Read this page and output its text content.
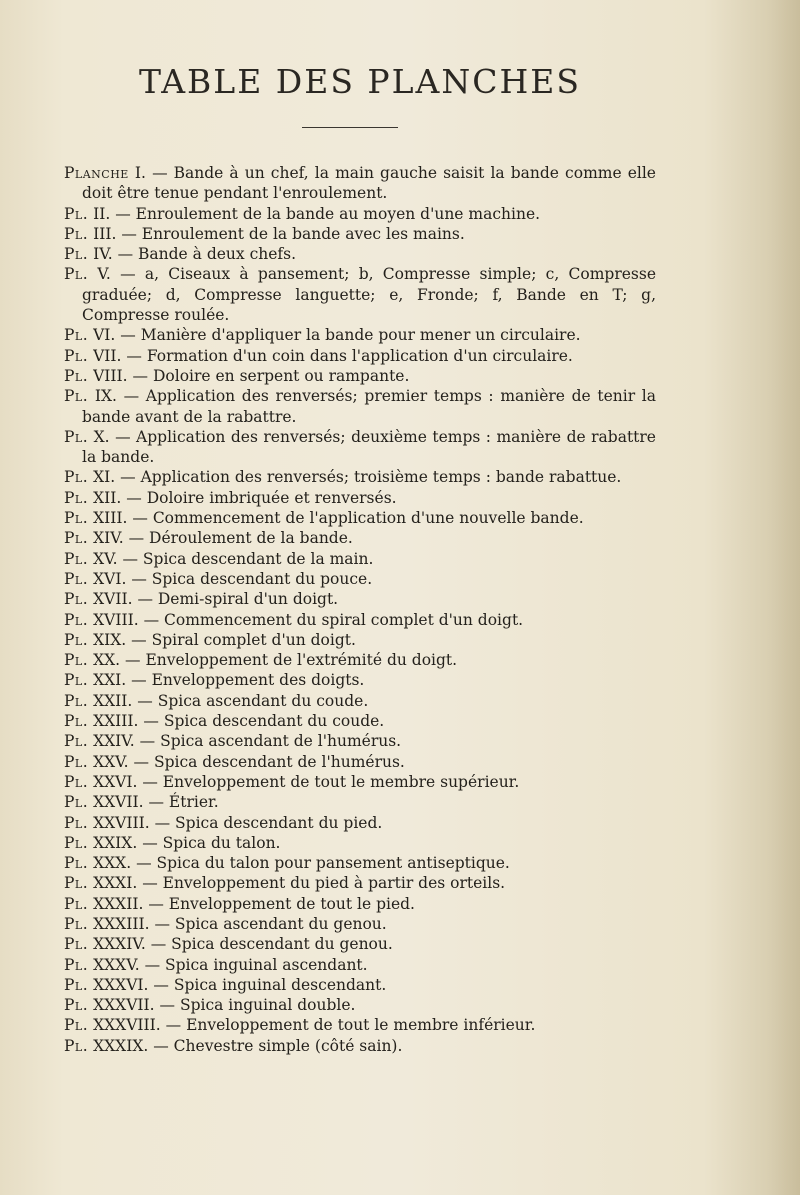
TABLE DES PLANCHES
Planche I. — Bande à un chef, la main gauche saisit la bande comme elle doit être tenue pendant l'enroulement.
Pl. II. — Enroulement de la bande au moyen d'une machine.
Pl. III. — Enroulement de la bande avec les mains.
Pl. IV. — Bande à deux chefs.
Pl. V. — a, Ciseaux à pansement; b, Compresse simple; c, Compresse graduée; d, Compresse languette; e, Fronde; f, Bande en T; g, Compresse roulée.
Pl. VI. — Manière d'appliquer la bande pour mener un circulaire.
Pl. VII. — Formation d'un coin dans l'application d'un circulaire.
Pl. VIII. — Doloire en serpent ou rampante.
Pl. IX. — Application des renversés; premier temps : manière de tenir la bande avant de la rabattre.
Pl. X. — Application des renversés; deuxième temps : manière de rabattre la bande.
Pl. XI. — Application des renversés; troisième temps : bande rabattue.
Pl. XII. — Doloire imbriquée et renversés.
Pl. XIII. — Commencement de l'application d'une nouvelle bande.
Pl. XIV. — Déroulement de la bande.
Pl. XV. — Spica descendant de la main.
Pl. XVI. — Spica descendant du pouce.
Pl. XVII. — Demi-spiral d'un doigt.
Pl. XVIII. — Commencement du spiral complet d'un doigt.
Pl. XIX. — Spiral complet d'un doigt.
Pl. XX. — Enveloppement de l'extrémité du doigt.
Pl. XXI. — Enveloppement des doigts.
Pl. XXII. — Spica ascendant du coude.
Pl. XXIII. — Spica descendant du coude.
Pl. XXIV. — Spica ascendant de l'humérus.
Pl. XXV. — Spica descendant de l'humérus.
Pl. XXVI. — Enveloppement de tout le membre supérieur.
Pl. XXVII. — Étrier.
Pl. XXVIII. — Spica descendant du pied.
Pl. XXIX. — Spica du talon.
Pl. XXX. — Spica du talon pour pansement antiseptique.
Pl. XXXI. — Enveloppement du pied à partir des orteils.
Pl. XXXII. — Enveloppement de tout le pied.
Pl. XXXIII. — Spica ascendant du genou.
Pl. XXXIV. — Spica descendant du genou.
Pl. XXXV. — Spica inguinal ascendant.
Pl. XXXVI. — Spica inguinal descendant.
Pl. XXXVII. — Spica inguinal double.
Pl. XXXVIII. — Enveloppement de tout le membre inférieur.
Pl. XXXIX. — Chevestre simple (côté sain).
